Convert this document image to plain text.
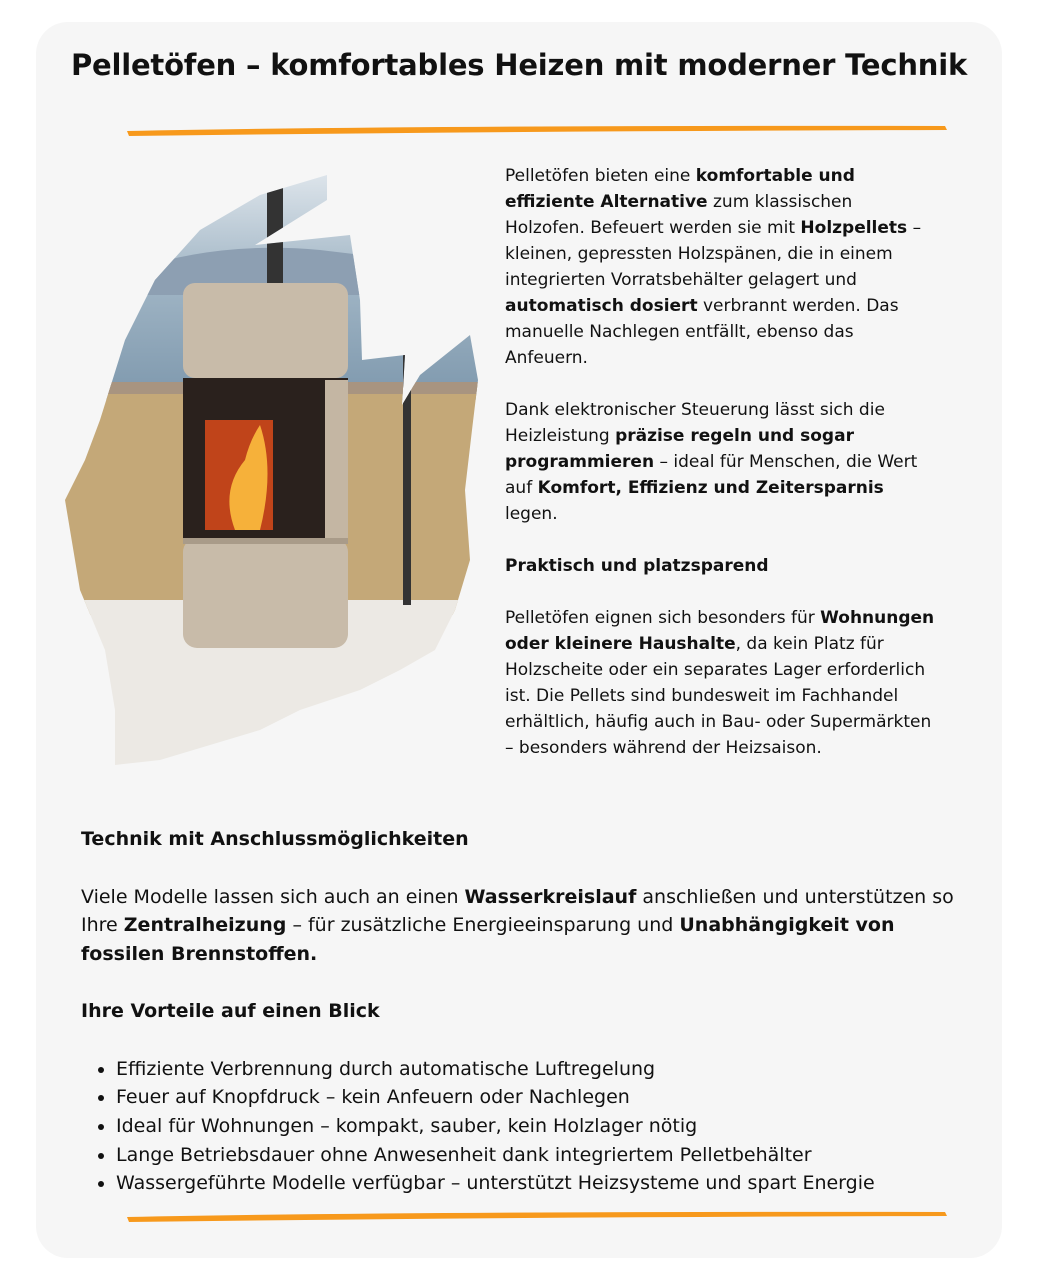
Pelletöfen – komfortables Heizen mit moderner Technik

Pelletöfen bieten eine komfortable und effiziente Alternative zum klassischen Holzofen. Befeuert werden sie mit Holzpellets – kleinen, gepressten Holzspänen, die in einem integrierten Vorratsbehälter gelagert und automatisch dosiert verbrannt werden. Das manuelle Nachlegen entfällt, ebenso das Anfeuern.

Dank elektronischer Steuerung lässt sich die Heizleistung präzise regeln und sogar programmieren – ideal für Menschen, die Wert auf Komfort, Effizienz und Zeitersparnis legen.

Praktisch und platzsparend

Pelletöfen eignen sich besonders für Wohnungen oder kleinere Haushalte, da kein Platz für Holzscheite oder ein separates Lager erforderlich ist. Die Pellets sind bundesweit im Fachhandel erhältlich, häufig auch in Bau- oder Supermärkten – besonders während der Heizsaison.

Technik mit Anschlussmöglichkeiten

Viele Modelle lassen sich auch an einen Wasserkreislauf anschließen und unterstützen so Ihre Zentralheizung – für zusätzliche Energieeinsparung und Unabhängigkeit von fossilen Brennstoffen.

Ihre Vorteile auf einen Blick

• Effiziente Verbrennung durch automatische Luftregelung
• Feuer auf Knopfdruck – kein Anfeuern oder Nachlegen
• Ideal für Wohnungen – kompakt, sauber, kein Holzlager nötig
• Lange Betriebsdauer ohne Anwesenheit dank integriertem Pelletbehälter
• Wassergeführte Modelle verfügbar – unterstützt Heizsysteme und spart Energie
